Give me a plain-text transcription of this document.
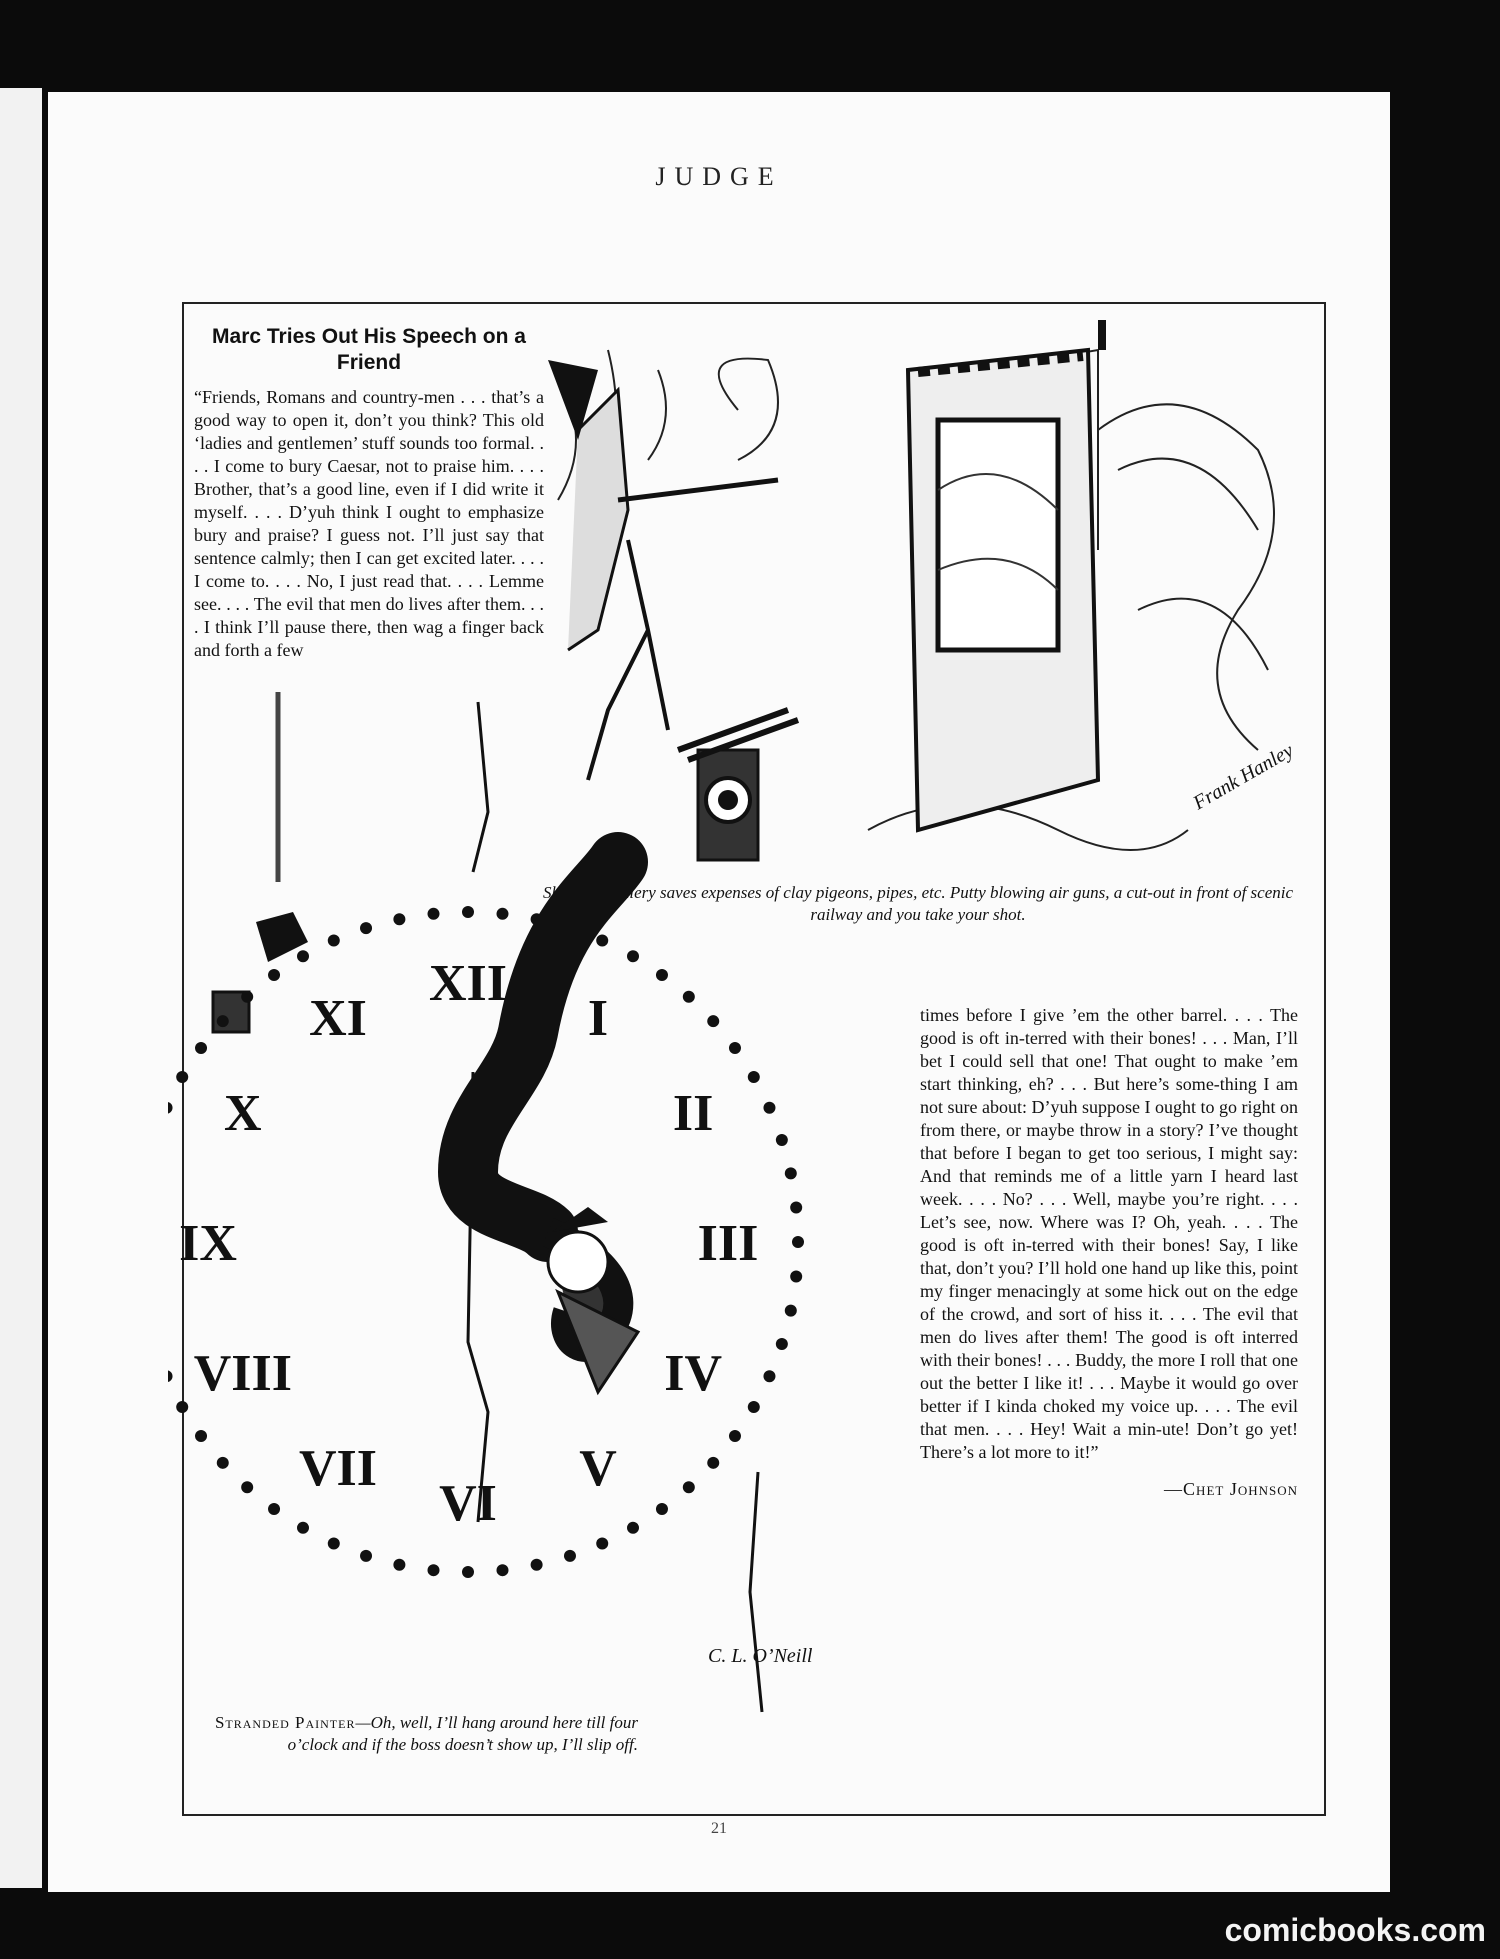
JUDGE
Marc Tries Out His Speech on a Friend
“Friends, Romans and country-men . . . that’s a good way to open it, don’t you think? This old ‘ladies and gentlemen’ stuff sounds too formal. . . . I come to bury Caesar, not to praise him. . . . Brother, that’s a good line, even if I did write it myself. . . . D’yuh think I ought to emphasize bury and praise? I guess not. I’ll just say that sentence calmly; then I can get excited later. . . . I come to. . . . No, I just read that. . . . Lemme see. . . . The evil that men do lives after them. . . . I think I’ll pause there, then wag a finger back and forth a few
Frank Hanley
Shooting gallery saves expenses of clay pigeons, pipes, etc. Putty blowing air guns, a cut-out in front of scenic railway and you take your shot.
XII
I
II
III
IV
V
VI
VII
VIII
IX
X
XI
C. L. O’Neill
Stranded Painter—Oh, well, I’ll hang around here till four o’clock and if the boss doesn’t show up, I’ll slip off.
times before I give ’em the other barrel. . . . The good is oft in-terred with their bones! . . . Man, I’ll bet I could sell that one! That ought to make ’em start thinking, eh? . . . But here’s some-thing I am not sure about: D’yuh suppose I ought to go right on from there, or maybe throw in a story? I’ve thought that before I began to get too serious, I might say: And that reminds me of a little yarn I heard last week. . . . No? . . . Well, maybe you’re right. . . . Let’s see, now. Where was I? Oh, yeah. . . . The good is oft in-terred with their bones! Say, I like that, don’t you? I’ll hold one hand up like this, point my finger menacingly at some hick out on the edge of the crowd, and sort of hiss it. . . . The evil that men do lives after them! The good is oft interred with their bones! . . . Buddy, the more I roll that one out the better I like it! . . . Maybe it would go over better if I kinda choked my voice up. . . . The evil that men. . . . Hey! Wait a min-ute! Don’t go yet! There’s a lot more to it!”
—Chet Johnson
21
comicbooks.com
